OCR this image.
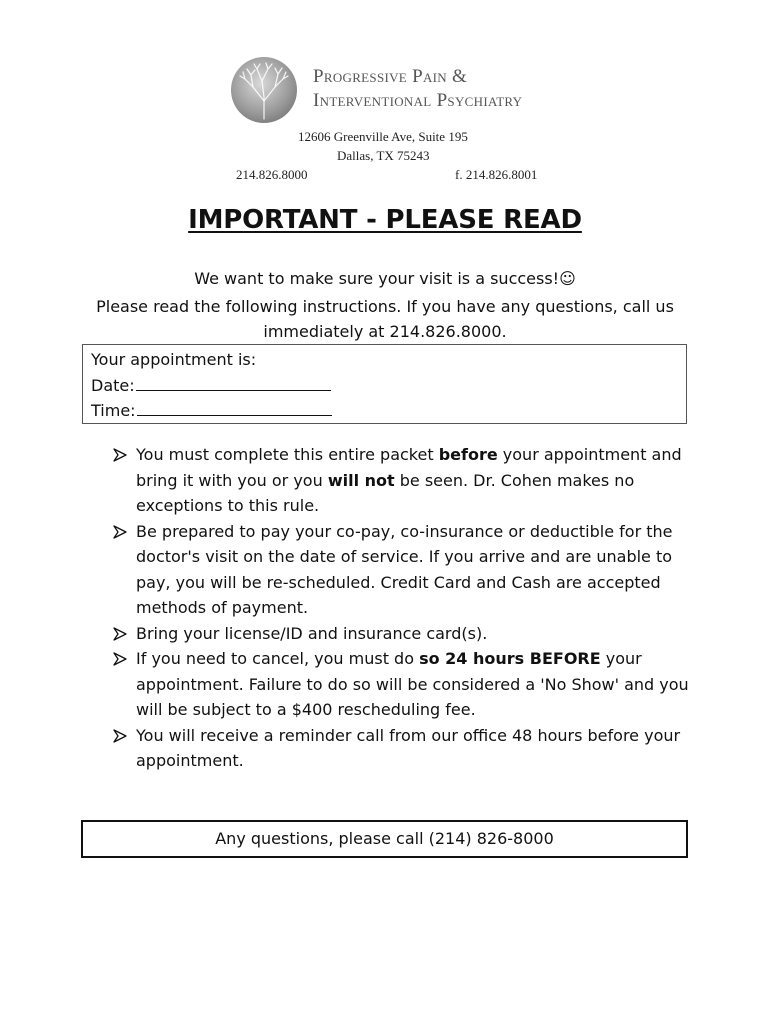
Progressive Pain &
Interventional Psychiatry
12606 Greenville Ave, Suite 195
Dallas, TX 75243
214.826.8000	f. 214.826.8001
IMPORTANT - PLEASE READ
We want to make sure your visit is a success!☺
Please read the following instructions. If you have any questions, call us immediately at 214.826.8000.
Your appointment is:
Date:
Time:
You must complete this entire packet before your appointment and bring it with you or you will not be seen. Dr. Cohen makes no exceptions to this rule.
Be prepared to pay your co-pay, co-insurance or deductible for the doctor's visit on the date of service. If you arrive and are unable to pay, you will be re-scheduled. Credit Card and Cash are accepted methods of payment.
Bring your license/ID and insurance card(s).
If you need to cancel, you must do so 24 hours BEFORE your appointment. Failure to do so will be considered a 'No Show' and you will be subject to a $400 rescheduling fee.
You will receive a reminder call from our office 48 hours before your appointment.
Any questions, please call (214) 826-8000
